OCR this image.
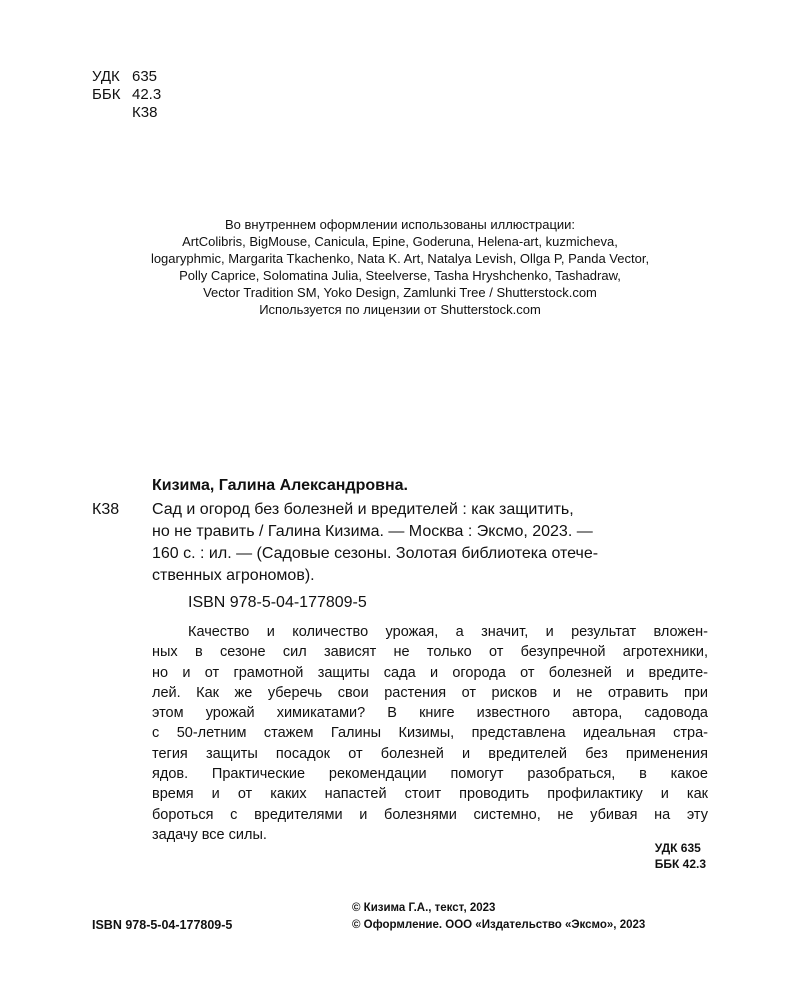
УДК 635
ББК 42.3
К38
Во внутреннем оформлении использованы иллюстрации:
ArtColibris, BigMouse, Canicula, Epine, Goderuna, Helena-art, kuzmicheva,
logaryphmic, Margarita Tkachenko, Nata K. Art, Natalya Levish, Ollga P, Panda Vector,
Polly Caprice, Solomatina Julia, Steelverse, Tasha Hryshchenko, Tashadraw,
Vector Tradition SM, Yoko Design, Zamlunki Tree / Shutterstock.com
Используется по лицензии от Shutterstock.com
Кизима, Галина Александровна.
К38 Сад и огород без болезней и вредителей : как защитить,
но не травить / Галина Кизима. — Москва : Эксмо, 2023. —
160 с. : ил. — (Садовые сезоны. Золотая библиотека отече-
ственных агрономов).
ISBN 978-5-04-177809-5
Качество и количество урожая, а значит, и результат вложен-
ных в сезоне сил зависят не только от безупречной агротехники,
но и от грамотной защиты сада и огорода от болезней и вредите-
лей. Как же уберечь свои растения от рисков и не отравить при
этом урожай химикатами? В книге известного автора, садовода
с 50-летним стажем Галины Кизимы, представлена идеальная стра-
тегия защиты посадок от болезней и вредителей без применения
ядов. Практические рекомендации помогут разобраться, в какое
время и от каких напастей стоит проводить профилактику и как
бороться с вредителями и болезнями системно, не убивая на эту
задачу все силы.
УДК 635
ББК 42.3
© Кизима Г.А., текст, 2023
© Оформление. ООО «Издательство «Эксмо», 2023
ISBN 978-5-04-177809-5
